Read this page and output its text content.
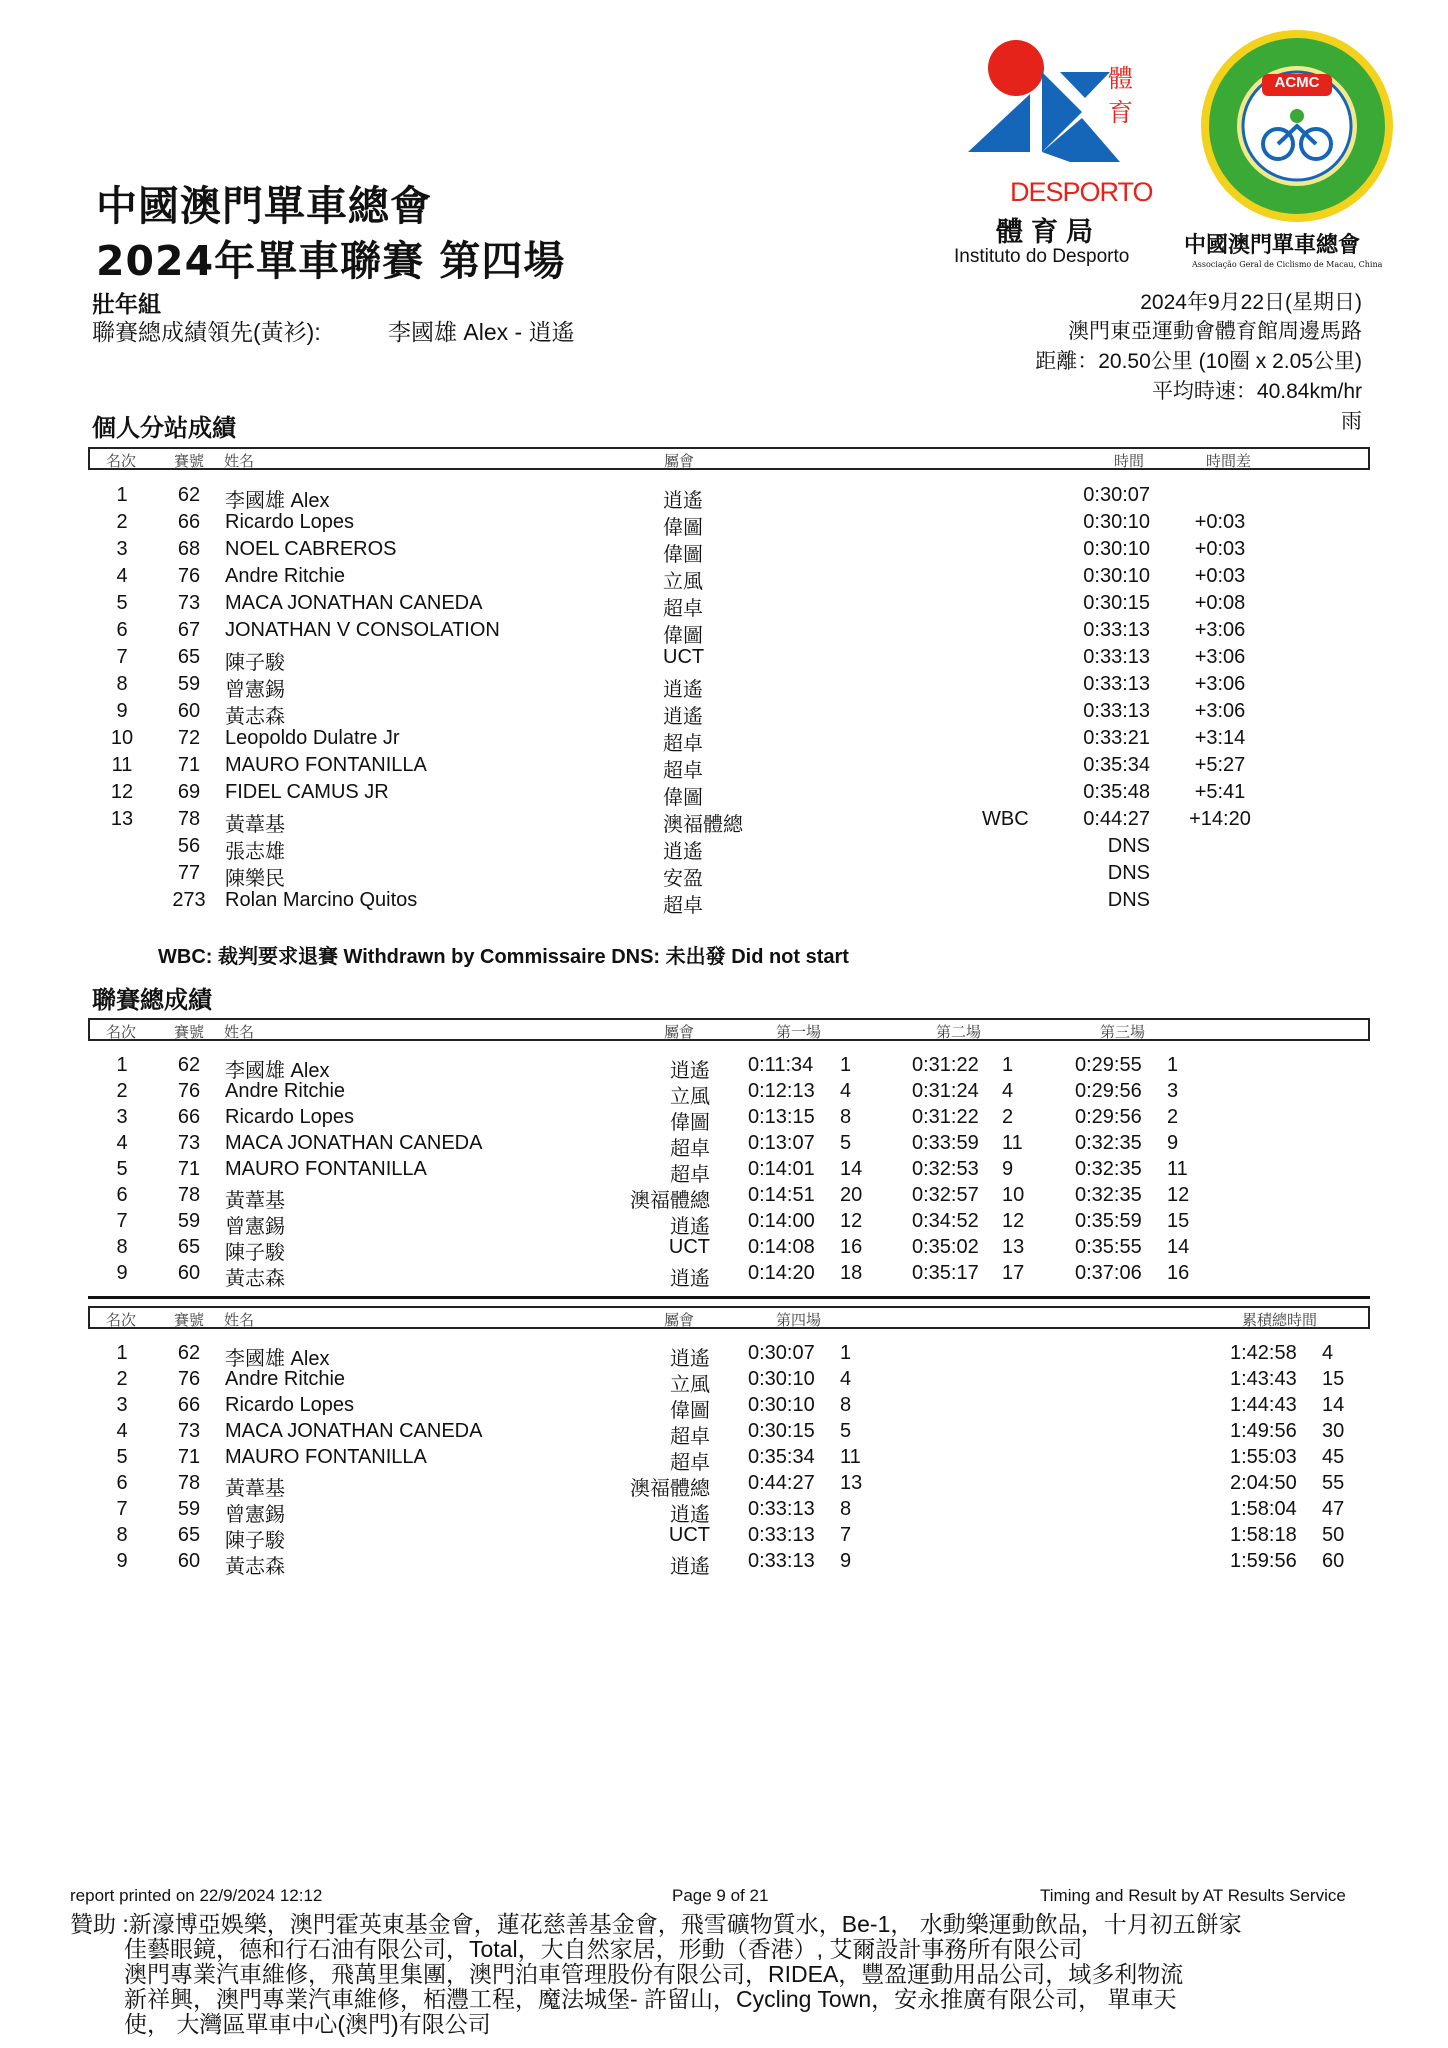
中國澳門單車總會
2024年單車聯賽 第四場
壯年組
聯賽總成績領先(黃衫):	李國雄 Alex - 逍遙
體育
DESPORTO
體育局
Instituto do Desporto
ACMC
中國澳門單車總會
Associação Geral de Ciclismo de Macau, China
2024年9月22日(星期日)
澳門東亞運動會體育館周邊馬路
距離：20.50公里 (10圈 x 2.05公里)
平均時速：40.84km/hr
雨
個人分站成績
名次	賽號 姓名	屬會	時間	時間差
1	62	李國雄 Alex	逍遙	0:30:07
2	66	Ricardo Lopes	偉圖	0:30:10	+0:03
3	68	NOEL CABREROS	偉圖	0:30:10	+0:03
4	76	Andre Ritchie	立風	0:30:10	+0:03
5	73	MACA JONATHAN CANEDA	超卓	0:30:15	+0:08
6	67	JONATHAN V CONSOLATION	偉圖	0:33:13	+3:06
7	65	陳子駿	UCT	0:33:13	+3:06
8	59	曾憲錫	逍遙	0:33:13	+3:06
9	60	黃志森	逍遙	0:33:13	+3:06
10	72	Leopoldo Dulatre Jr	超卓	0:33:21	+3:14
11	71	MAURO FONTANILLA	超卓	0:35:34	+5:27
12	69	FIDEL CAMUS JR	偉圖	0:35:48	+5:41
13	78	黃葦基	澳福體總	WBC	0:44:27	+14:20
56	張志雄	逍遙	DNS
77	陳樂民	安盈	DNS
273 Rolan Marcino Quitos	超卓	DNS
WBC: 裁判要求退賽 Withdrawn by Commissaire DNS: 未出發 Did not start
聯賽總成績
名次	賽號 姓名	屬會	第一場	第二場	第三場
1	62	李國雄 Alex	逍遙 0:11:34 1	0:31:22 1	0:29:55 1
2	76	Andre Ritchie	立風 0:12:13 4	0:31:24 4	0:29:56 3
3	66	Ricardo Lopes	偉圖 0:13:15 8	0:31:22 2	0:29:56 2
4	73	MACA JONATHAN CANEDA	超卓 0:13:07 5	0:33:59 11	0:32:35 9
5	71	MAURO FONTANILLA	超卓 0:14:01 14 0:32:53 9	0:32:35 11
6	78	黃葦基	澳福體總 0:14:51 20 0:32:57 10	0:32:35 12
7	59	曾憲錫	逍遙 0:14:00 12 0:34:52 12	0:35:59 15
8	65	陳子駿	UCT 0:14:08 16 0:35:02 13	0:35:55 14
9	60	黃志森	逍遙 0:14:20 18 0:35:17 17	0:37:06 16
名次	賽號 姓名	屬會	第四場	累積總時間
1	62	李國雄 Alex	逍遙 0:30:07 1	1:42:58 4
2	76	Andre Ritchie	立風 0:30:10 4	1:43:43 15
3	66	Ricardo Lopes	偉圖 0:30:10 8	1:44:43 14
4	73	MACA JONATHAN CANEDA	超卓 0:30:15 5	1:49:56 30
5	71	MAURO FONTANILLA	超卓 0:35:34 11	1:55:03 45
6	78	黃葦基	澳福體總 0:44:27 13	2:04:50 55
7	59	曾憲錫	逍遙 0:33:13 8	1:58:04 47
8	65	陳子駿	UCT 0:33:13 7	1:58:18 50
9	60	黃志森	逍遙 0:33:13 9	1:59:56 60
report printed on 22/9/2024 12:12	Page 9 of 21	Timing and Result by AT Results Service
贊助 :新濠博亞娛樂，澳門霍英東基金會，蓮花慈善基金會，飛雪礦物質水，Be-1， 水動樂運動飲品，十月初五餅家
佳藝眼鏡，德和行石油有限公司，Total，大自然家居，形動（香港）, 艾爾設計事務所有限公司
澳門專業汽車維修，飛萬里集團，澳門泊車管理股份有限公司，RIDEA，豐盈運動用品公司，域多利物流
新祥興，澳門專業汽車維修，栢灃工程，魔法城堡- 許留山，Cycling Town，安永推廣有限公司， 單車天
使， 大灣區單車中心(澳門)有限公司
